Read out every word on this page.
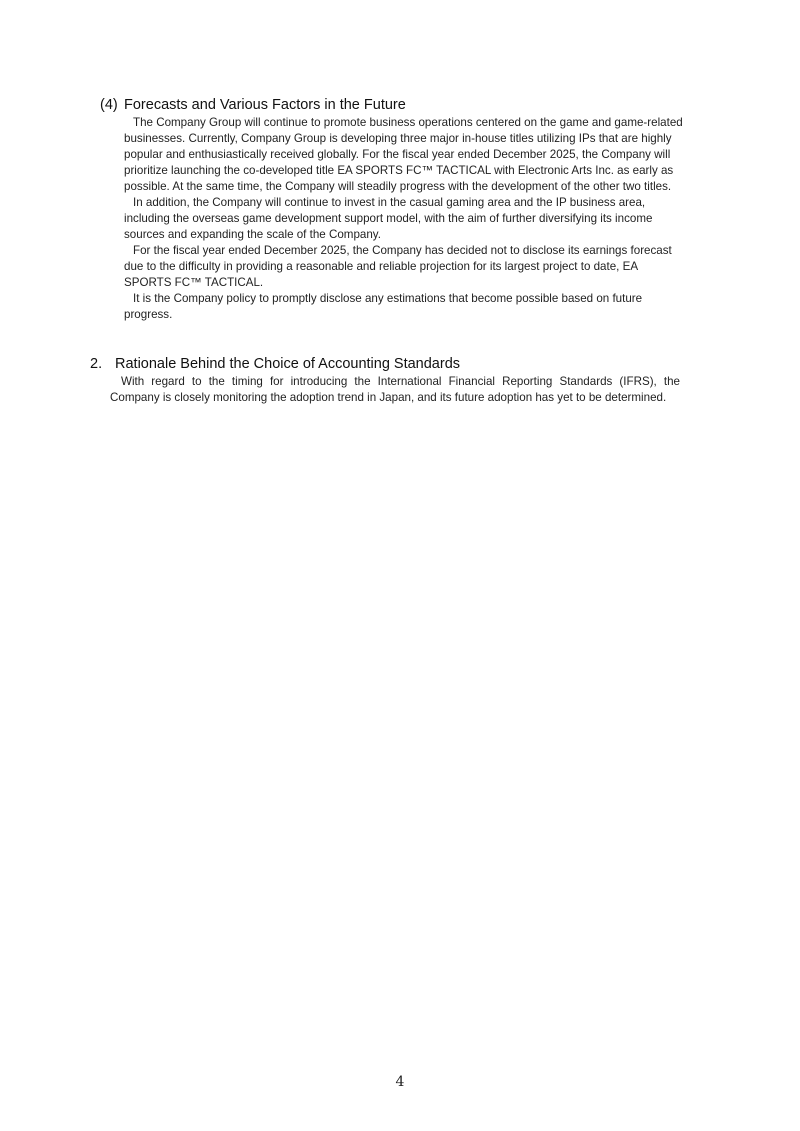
(4) Forecasts and Various Factors in the Future

The Company Group will continue to promote business operations centered on the game and game-related businesses. Currently, Company Group is developing three major in-house titles utilizing IPs that are highly popular and enthusiastically received globally. For the fiscal year ended December 2025, the Company will prioritize launching the co-developed title EA SPORTS FC™ TACTICAL with Electronic Arts Inc. as early as possible. At the same time, the Company will steadily progress with the development of the other two titles.

In addition, the Company will continue to invest in the casual gaming area and the IP business area, including the overseas game development support model, with the aim of further diversifying its income sources and expanding the scale of the Company.

For the fiscal year ended December 2025, the Company has decided not to disclose its earnings forecast due to the difficulty in providing a reasonable and reliable projection for its largest project to date, EA SPORTS FC™ TACTICAL.

It is the Company policy to promptly disclose any estimations that become possible based on future progress.

2. Rationale Behind the Choice of Accounting Standards

With regard to the timing for introducing the International Financial Reporting Standards (IFRS), the Company is closely monitoring the adoption trend in Japan, and its future adoption has yet to be determined.

4
